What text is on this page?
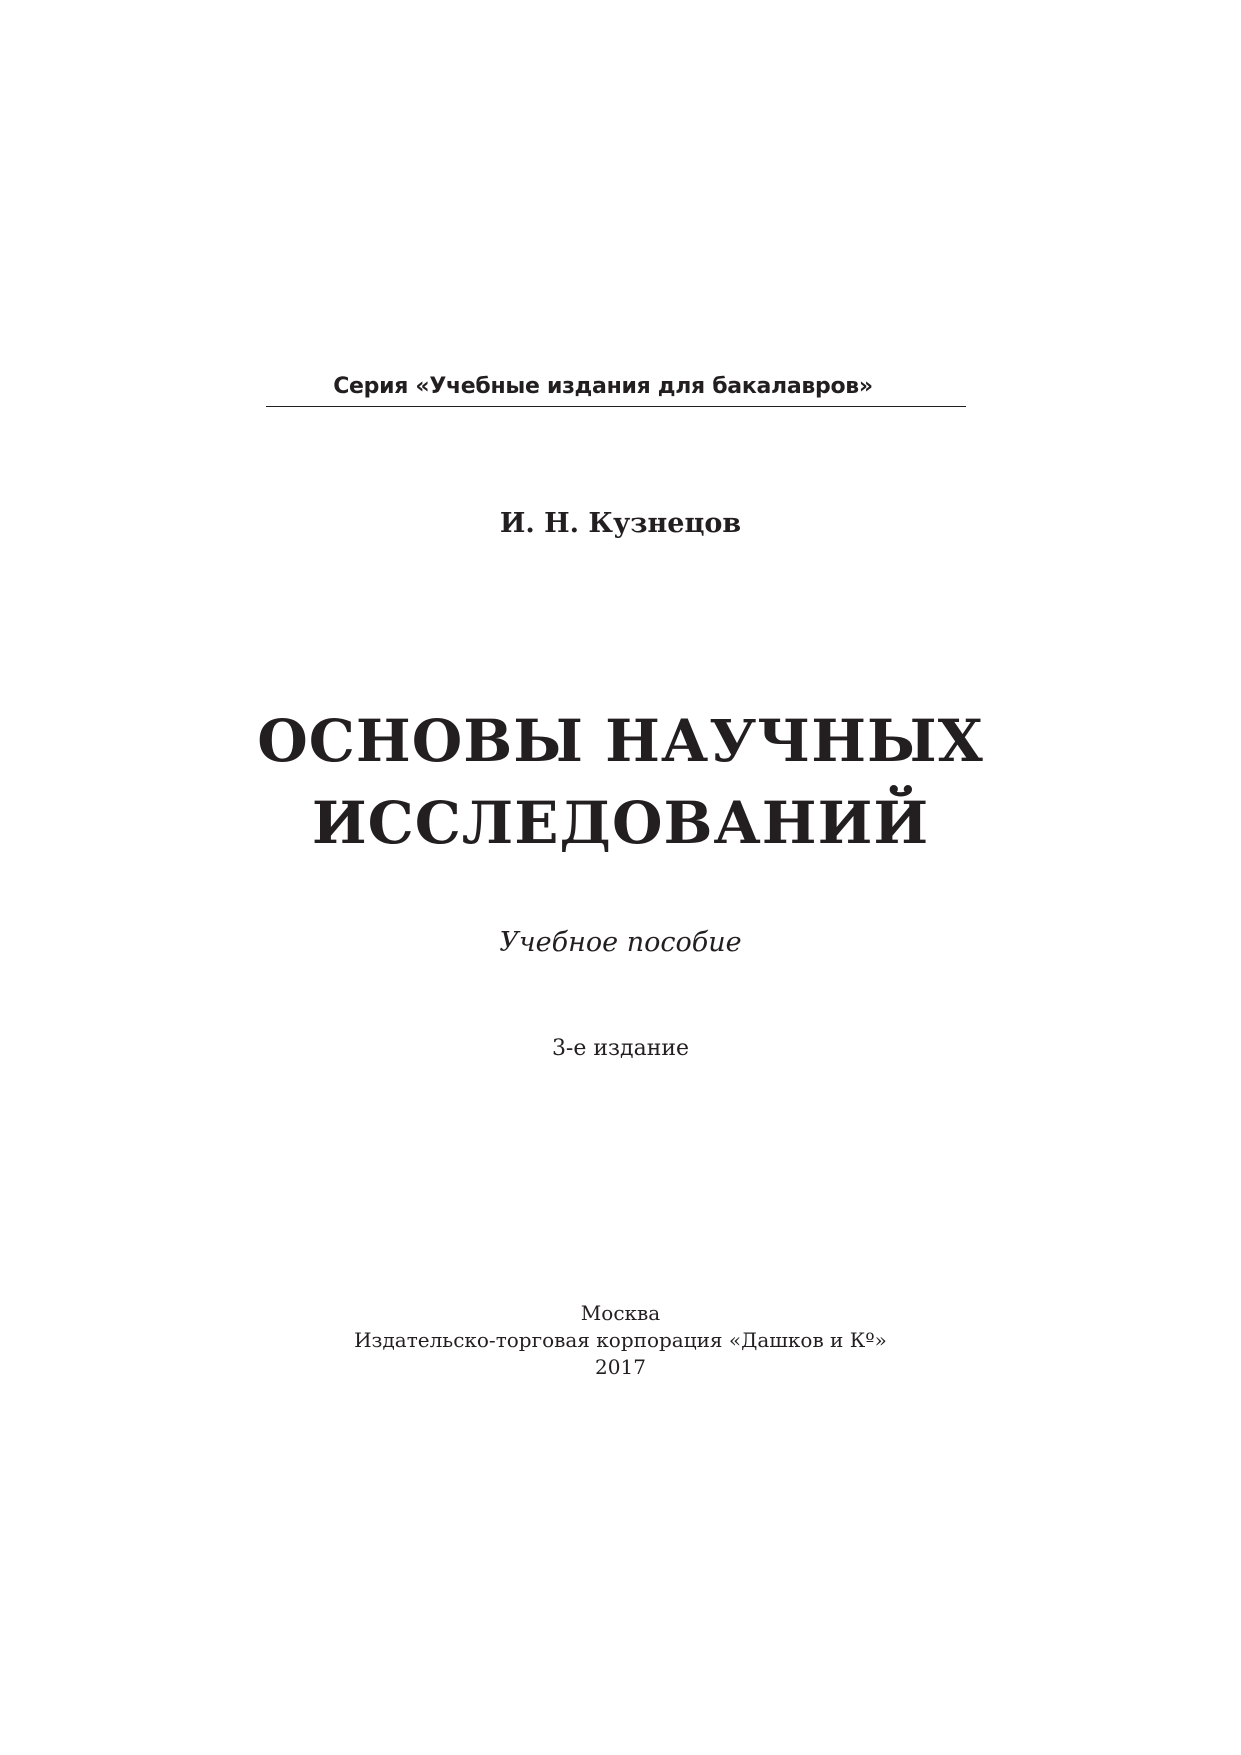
Серия «Учебные издания для бакалавров»
И. Н. Кузнецов
ОСНОВЫ НАУЧНЫХ
ИССЛЕДОВАНИЙ
Учебное пособие
3-е издание
Москва
Издательско-торговая корпорация «Дашков и Кº»
2017
